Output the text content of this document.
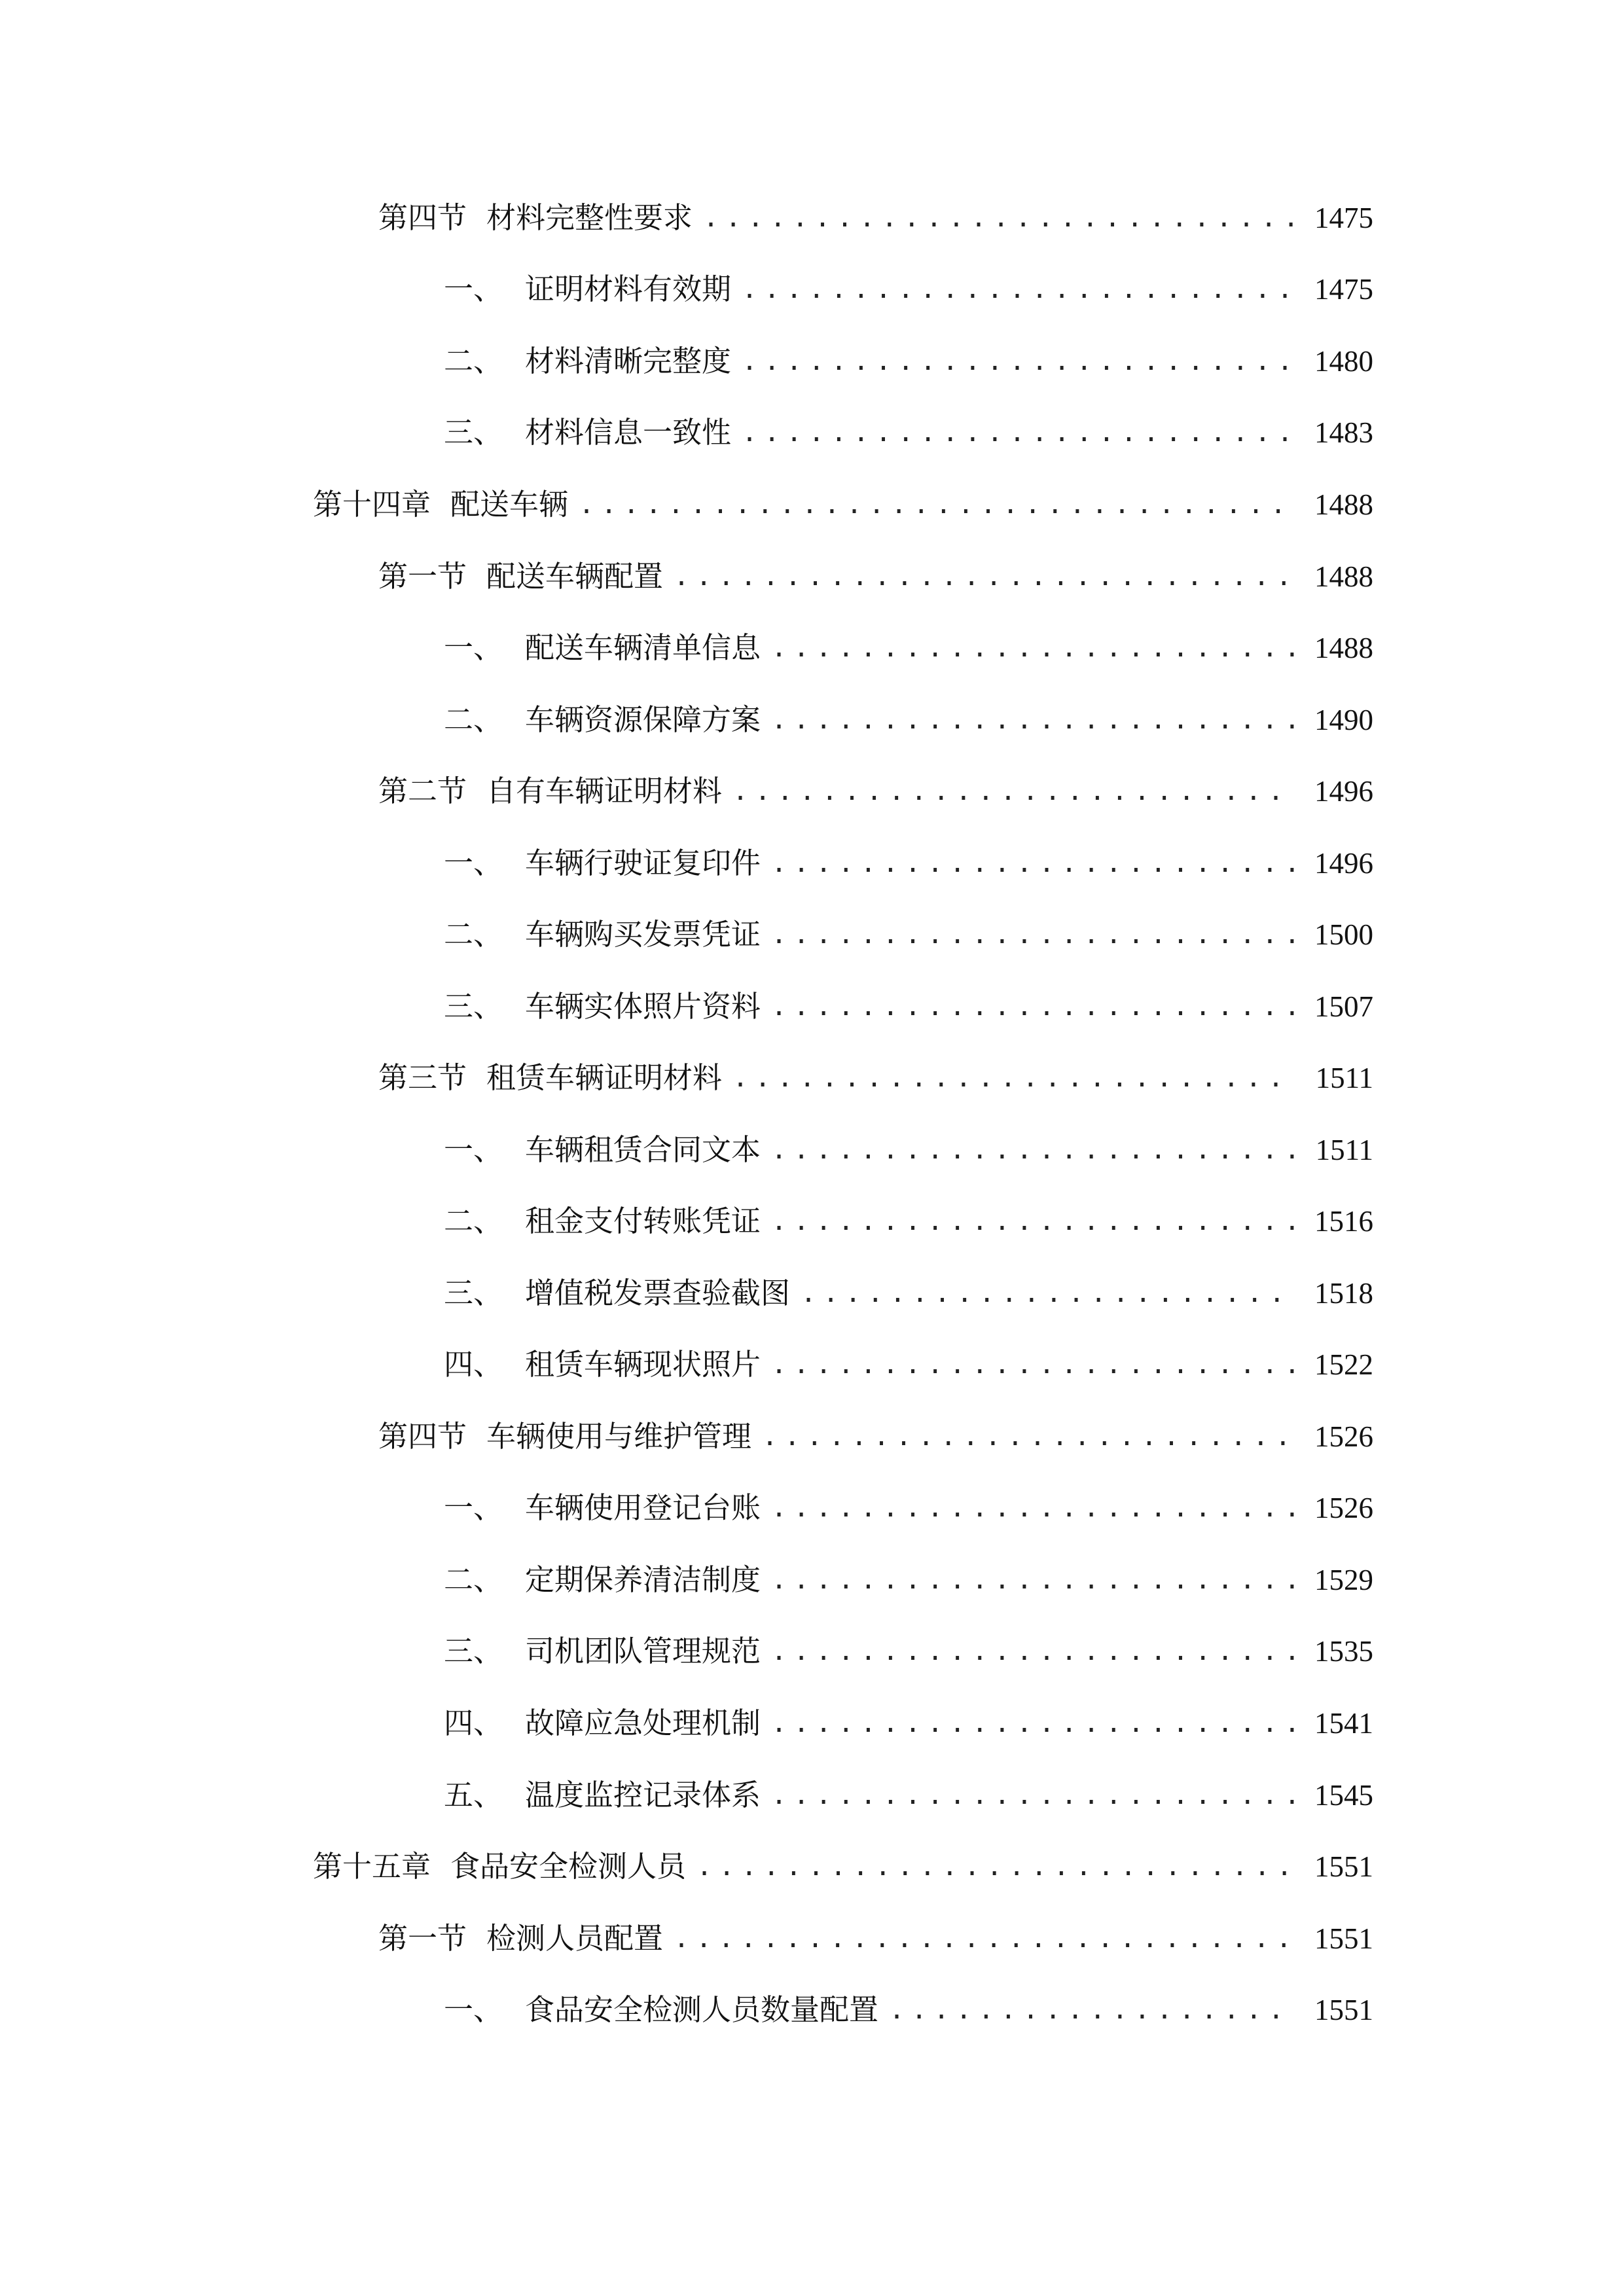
第四节 材料完整性要求 .....	1475
一、 证明材料有效期 .....	1475
二、 材料清晰完整度 .....	1480
三、 材料信息一致性 .....	1483
第十四章 配送车辆 .....	1488
第一节 配送车辆配置 .....	1488
一、 配送车辆清单信息 .....	1488
二、 车辆资源保障方案 .....	1490
第二节 自有车辆证明材料 .....	1496
一、 车辆行驶证复印件 .....	1496
二、 车辆购买发票凭证 .....	1500
三、 车辆实体照片资料 .....	1507
第三节 租赁车辆证明材料 .....	1511
一、 车辆租赁合同文本 .....	1511
二、 租金支付转账凭证 .....	1516
三、 增值税发票查验截图 .....	1518
四、 租赁车辆现状照片 .....	1522
第四节 车辆使用与维护管理 .....	1526
一、 车辆使用登记台账 .....	1526
二、 定期保养清洁制度 .....	1529
三、 司机团队管理规范 .....	1535
四、 故障应急处理机制 .....	1541
五、 温度监控记录体系 .....	1545
第十五章 食品安全检测人员 .....	1551
第一节 检测人员配置 .....	1551
一、 食品安全检测人员数量配置 .....	1551
